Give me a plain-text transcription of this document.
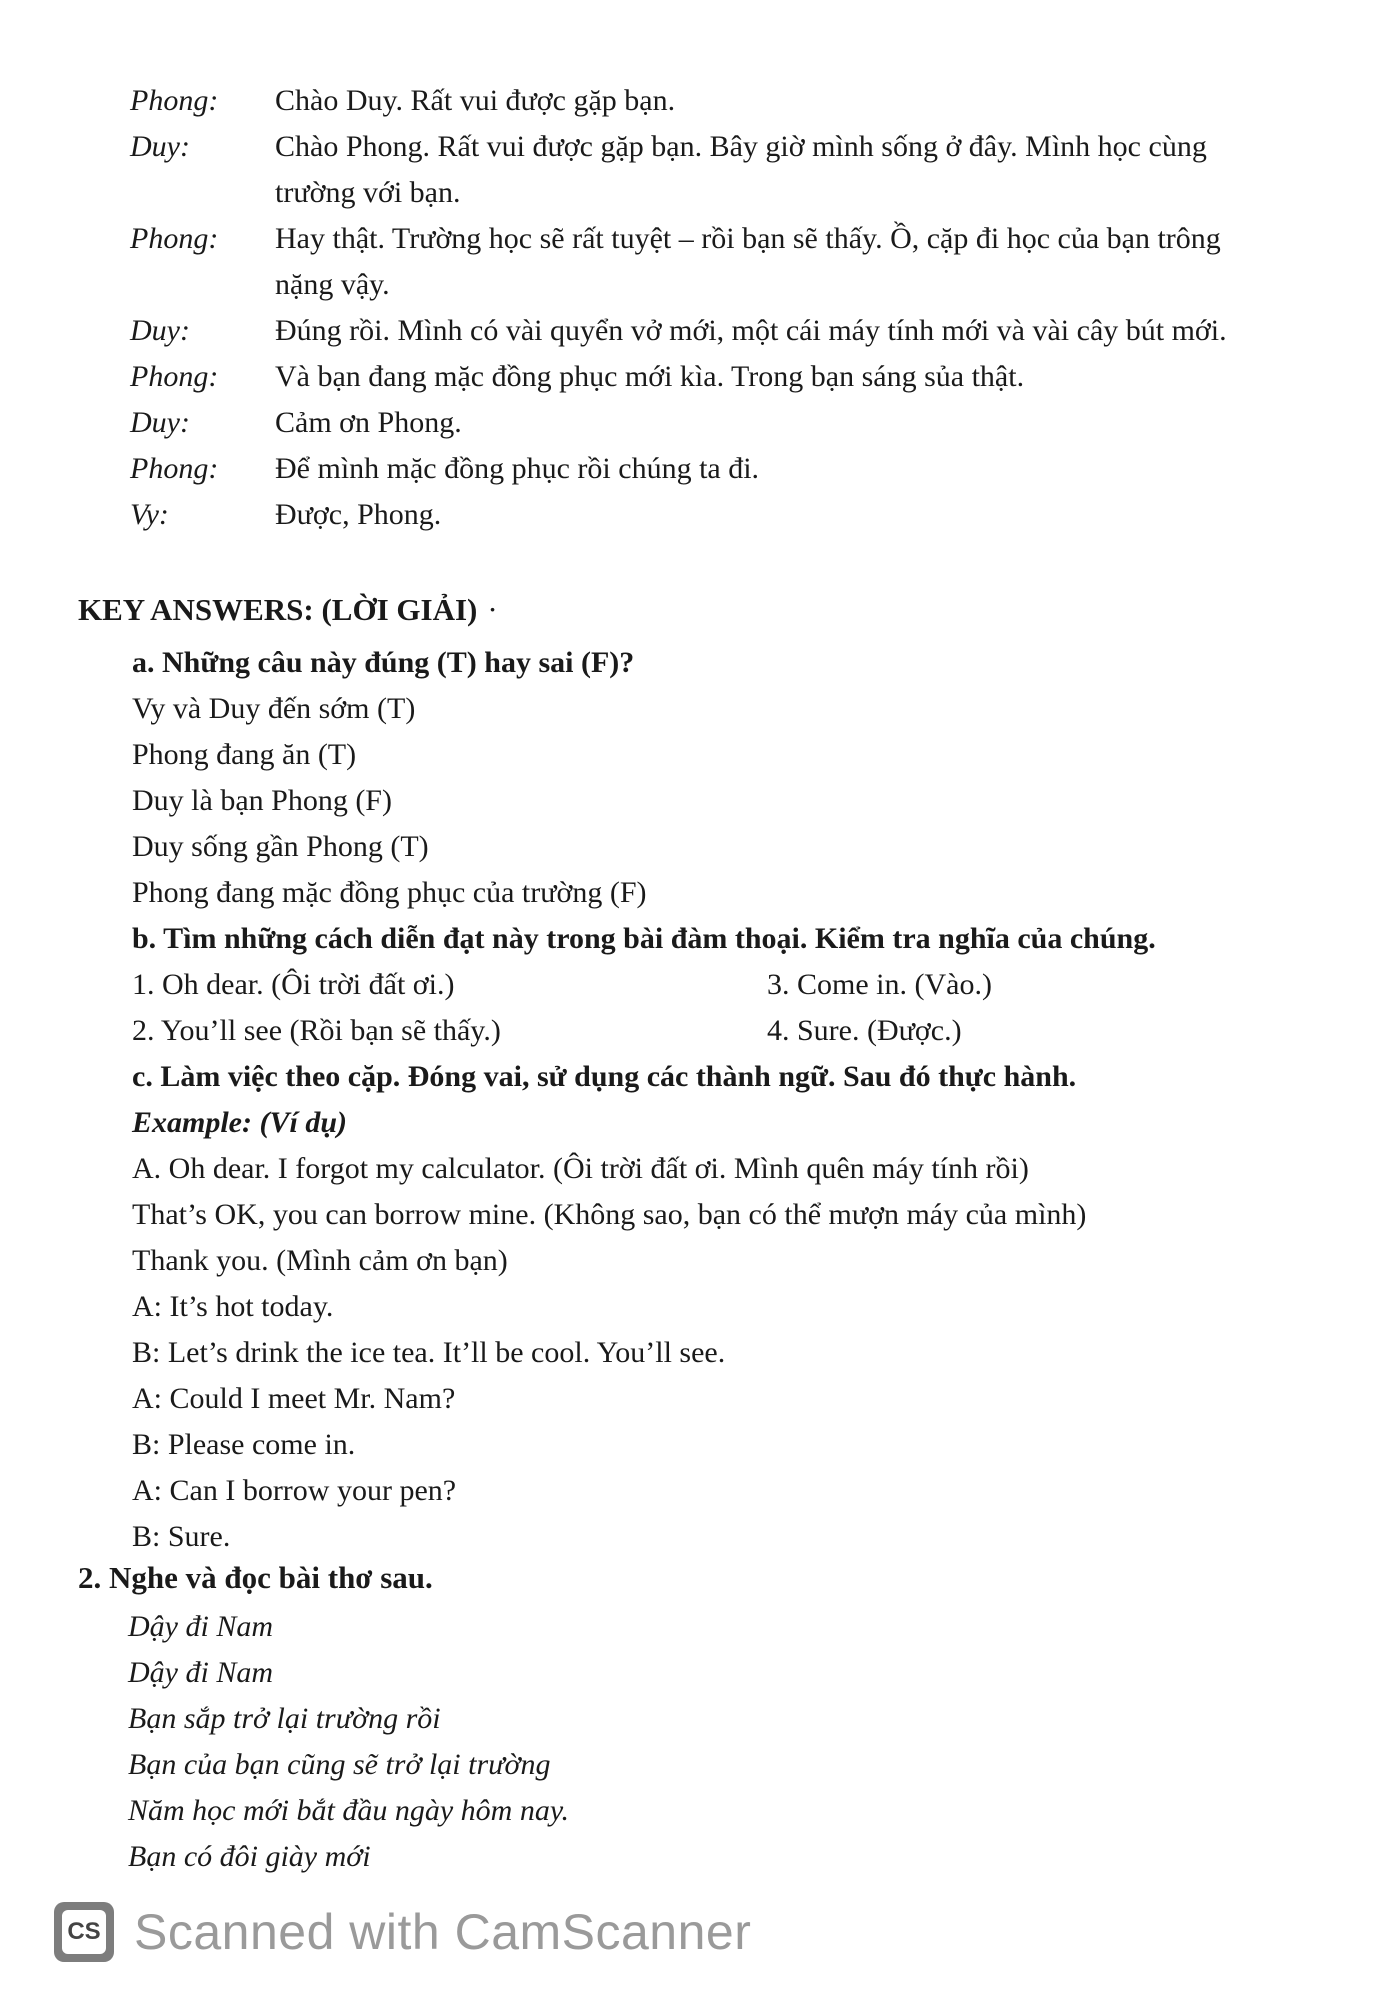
Phong:	Chào Duy. Rất vui được gặp bạn.
Duy:	Chào Phong. Rất vui được gặp bạn. Bây giờ mình sống ở đây. Mình học cùng
trường với bạn.
Phong:	Hay thật. Trường học sẽ rất tuyệt – rồi bạn sẽ thấy. Ồ, cặp đi học của bạn trông
nặng vậy.
Duy:	Đúng rồi. Mình có vài quyển vở mới, một cái máy tính mới và vài cây bút mới.
Phong:	Và bạn đang mặc đồng phục mới kìa. Trong bạn sáng sủa thật.
Duy:	Cảm ơn Phong.
Phong:	Để mình mặc đồng phục rồi chúng ta đi.
Vy:	Được, Phong.
KEY ANSWERS: (LỜI GIẢI) ·
a. Những câu này đúng (T) hay sai (F)?
Vy và Duy đến sớm (T)
Phong đang ăn (T)
Duy là bạn Phong (F)
Duy sống gần Phong (T)
Phong đang mặc đồng phục của trường (F)
b. Tìm những cách diễn đạt này trong bài đàm thoại. Kiểm tra nghĩa của chúng.
1. Oh dear. (Ôi trời đất ơi.)	3. Come in. (Vào.)
2. You’ll see (Rồi bạn sẽ thấy.)	4. Sure. (Được.)
c. Làm việc theo cặp. Đóng vai, sử dụng các thành ngữ. Sau đó thực hành.
Example: (Ví dụ)
A. Oh dear. I forgot my calculator. (Ôi trời đất ơi. Mình quên máy tính rồi)
That’s OK, you can borrow mine. (Không sao, bạn có thể mượn máy của mình)
Thank you. (Mình cảm ơn bạn)
A: It’s hot today.
B: Let’s drink the ice tea. It’ll be cool. You’ll see.
A: Could I meet Mr. Nam?
B: Please come in.
A: Can I borrow your pen?
B: Sure.
2. Nghe và đọc bài thơ sau.
Dậy đi Nam
Dậy đi Nam
Bạn sắp trở lại trường rồi
Bạn của bạn cũng sẽ trở lại trường
Năm học mới bắt đầu ngày hôm nay.
Bạn có đôi giày mới
CS Scanned with CamScanner
